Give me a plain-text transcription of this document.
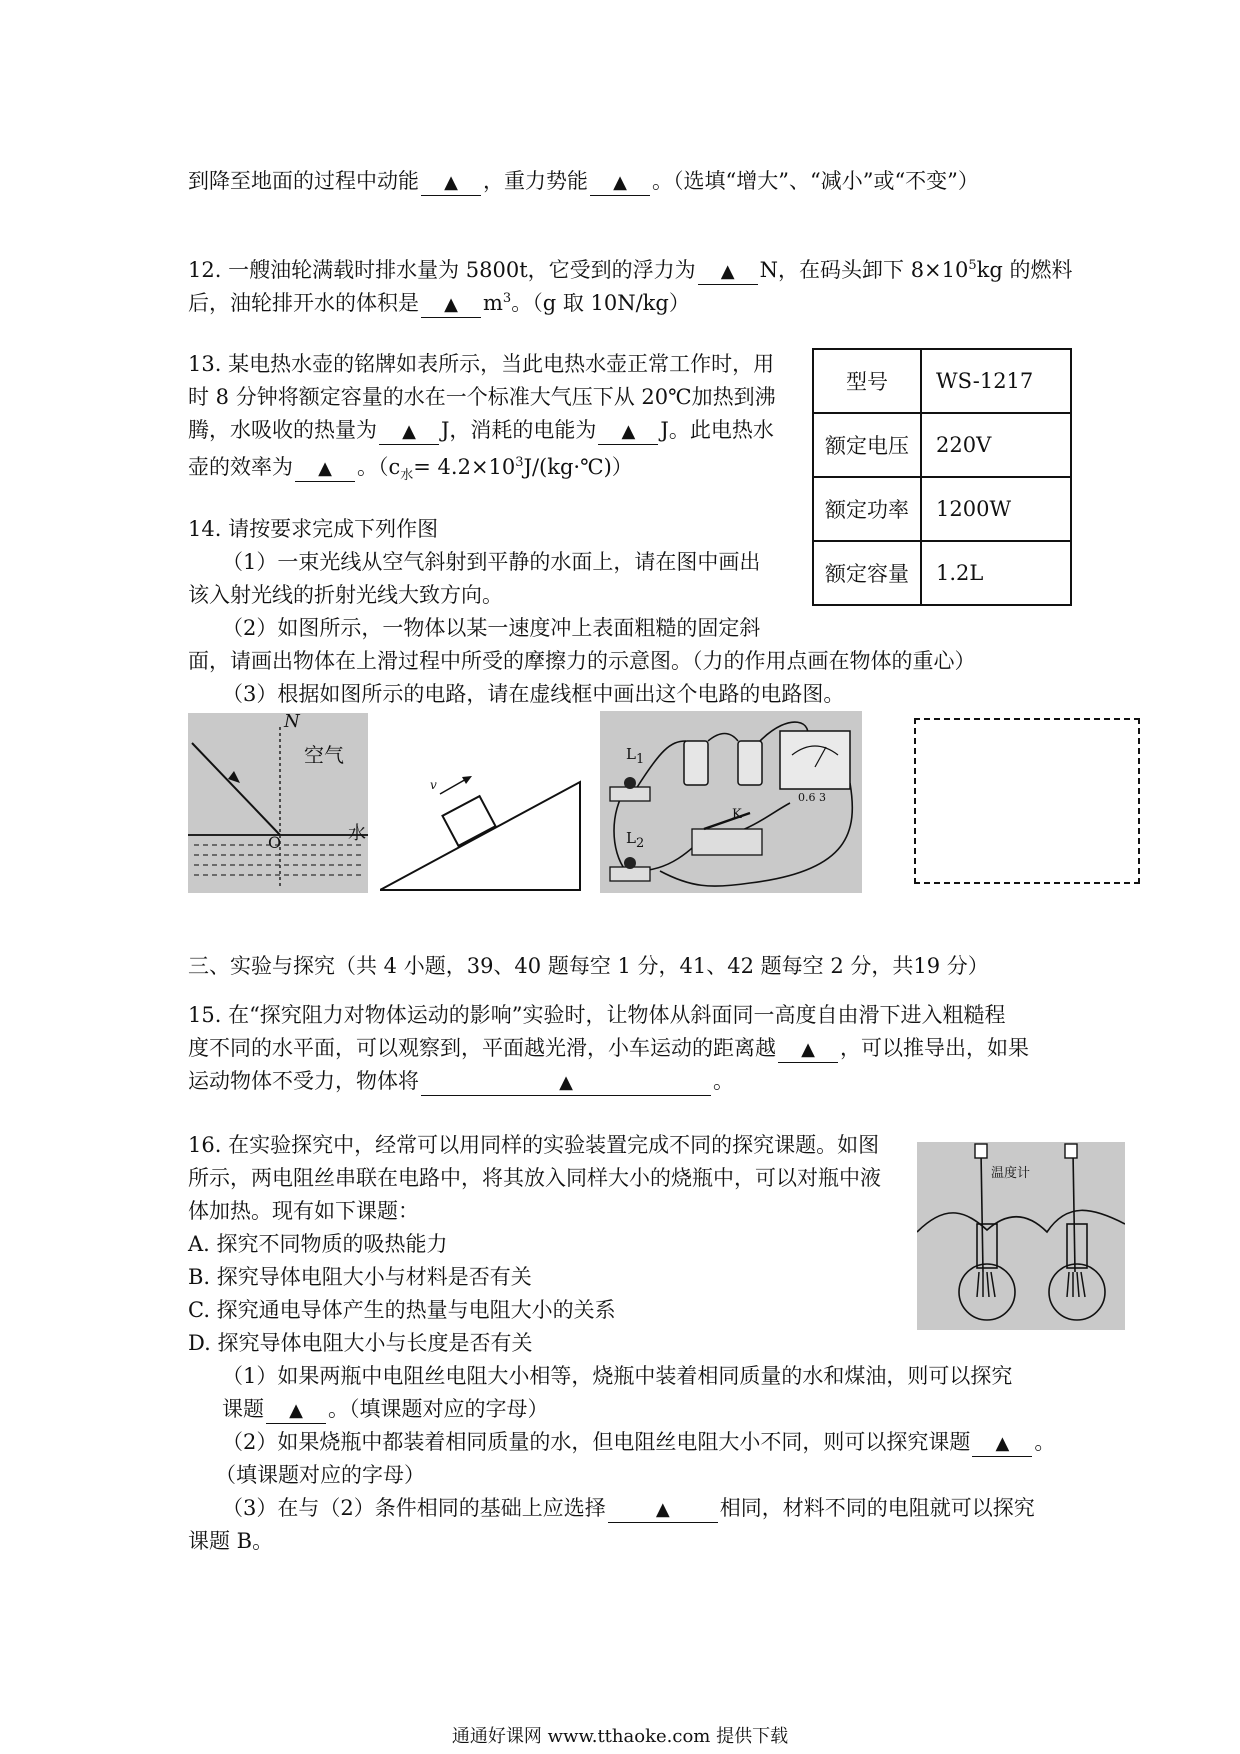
到降至地面的过程中动能 ▲ ，重力势能 ▲ 。（选填“增大”、“减小”或“不变”）
12. 一艘油轮满载时排水量为 5800t，它受到的浮力为 ▲ N，在码头卸下 $8\times 10^5kg$ 的燃料
后，油轮排开水的体积是 ▲ $m^3$。（g 取 10N/kg）
13. 某电热水壶的铭牌如表所示，当此电热水壶正常工作时，用
时 8 分钟将额定容量的水在一个标准大气压下从 20℃加热到沸
腾，水吸收的热量为 ▲ J，消耗的电能为 ▲ J。此电热水
壶的效率为 ▲ 。（$c_水=$ $4.2\times 10^3J/(kg\cdot℃)$）
型号	WS-1217
额定电压	220V
额定功率	1200W
额定容量	1.2L
14. 请按要求完成下列作图
（1）一束光线从空气斜射到平静的水面上，请在图中画出
该入射光线的折射光线大致方向。
（2）如图所示，一物体以某一速度冲上表面粗糙的固定斜
面，请画出物体在上滑过程中所受的摩擦力的示意图。（力的作用点画在物体的重心）
（3）根据如图所示的电路，请在虚线框中画出这个电路的电路图。
N
空气
O	水
v
$L_1$
$L_2$
K
0.6 3
三、实验与探究（共 4 小题，39、40 题每空 1 分，41、42 题每空 2 分，共19 分）
15. 在“探究阻力对物体运动的影响”实验时，让物体从斜面同一高度自由滑下进入粗糙程
度不同的水平面，可以观察到，平面越光滑，小车运动的距离越 ▲ ，可以推导出，如果
运动物体不受力，物体将	▲	。
16. 在实验探究中，经常可以用同样的实验装置完成不同的探究课题。如图
所示，两电阻丝串联在电路中，将其放入同样大小的烧瓶中，可以对瓶中液
体加热。现有如下课题：
A. 探究不同物质的吸热能力
B. 探究导体电阻大小与材料是否有关
C. 探究通电导体产生的热量与电阻大小的关系
D. 探究导体电阻大小与长度是否有关
（1）如果两瓶中电阻丝电阻大小相等，烧瓶中装着相同质量的水和煤油，则可以探究
课题 ▲ 。（填课题对应的字母）
（2）如果烧瓶中都装着相同质量的水，但电阻丝电阻大小不同，则可以探究课题 ▲ 。
（填课题对应的字母）
（3）在与（2）条件相同的基础上应选择	▲ 相同，材料不同的电阻就可以探究
课题 B。
温度计
通通好课网 www.tthaoke.com 提供下载
